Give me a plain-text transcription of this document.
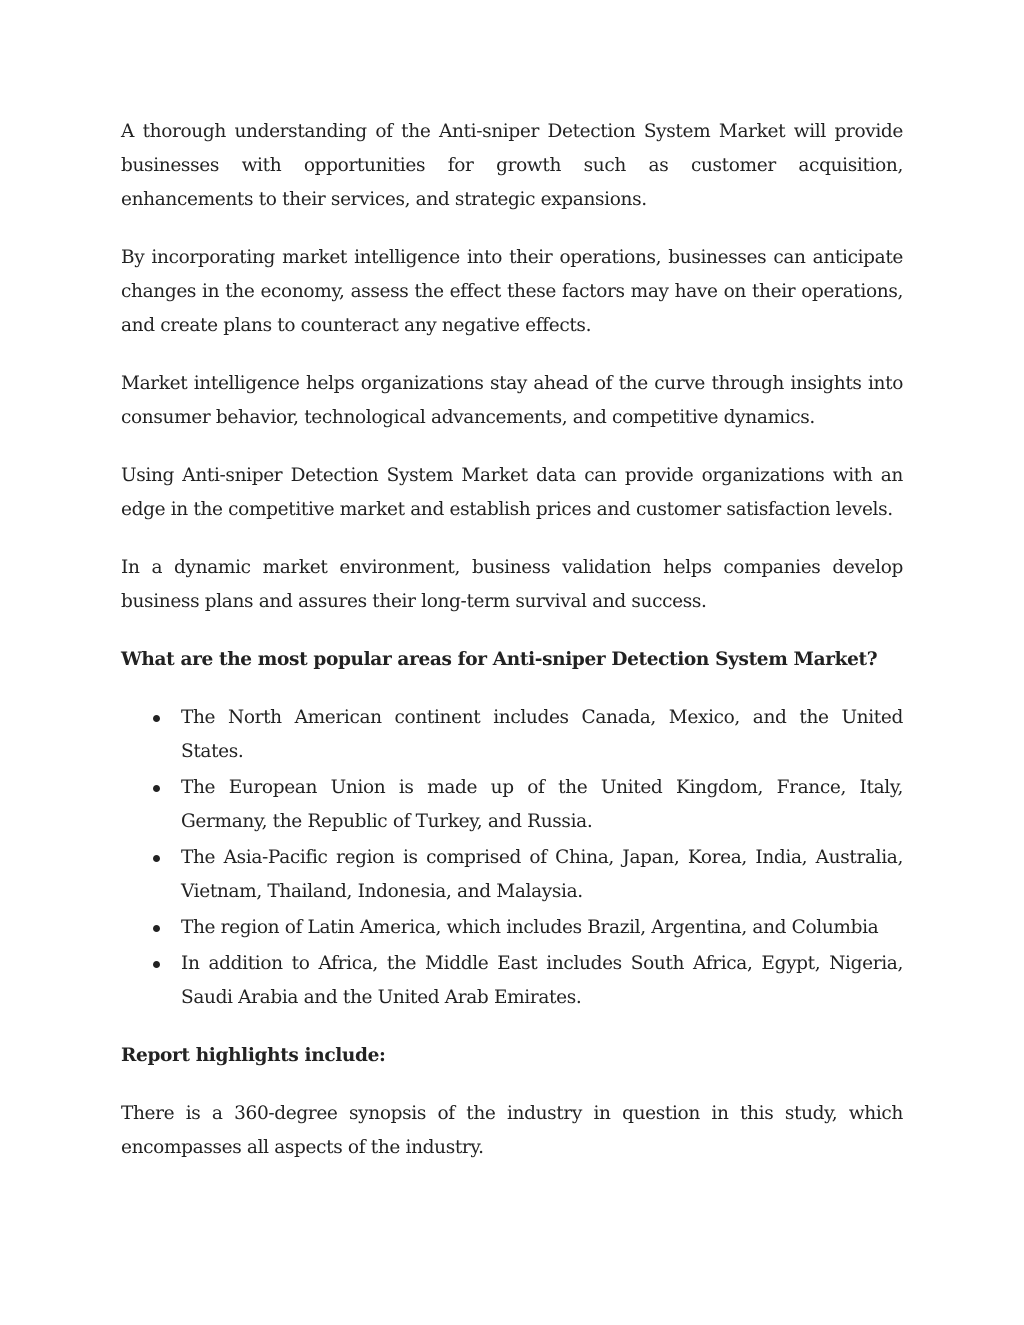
A thorough understanding of the Anti-sniper Detection System Market will provide businesses with opportunities for growth such as customer acquisition, enhancements to their services, and strategic expansions.

By incorporating market intelligence into their operations, businesses can anticipate changes in the economy, assess the effect these factors may have on their operations, and create plans to counteract any negative effects.

Market intelligence helps organizations stay ahead of the curve through insights into consumer behavior, technological advancements, and competitive dynamics.

Using Anti-sniper Detection System Market data can provide organizations with an edge in the competitive market and establish prices and customer satisfaction levels.

In a dynamic market environment, business validation helps companies develop business plans and assures their long-term survival and success.

What are the most popular areas for Anti-sniper Detection System Market?
The North American continent includes Canada, Mexico, and the United States.
The European Union is made up of the United Kingdom, France, Italy, Germany, the Republic of Turkey, and Russia.
The Asia-Pacific region is comprised of China, Japan, Korea, India, Australia, Vietnam, Thailand, Indonesia, and Malaysia.
The region of Latin America, which includes Brazil, Argentina, and Columbia
In addition to Africa, the Middle East includes South Africa, Egypt, Nigeria, Saudi Arabia and the United Arab Emirates.
Report highlights include:

There is a 360-degree synopsis of the industry in question in this study, which encompasses all aspects of the industry.
